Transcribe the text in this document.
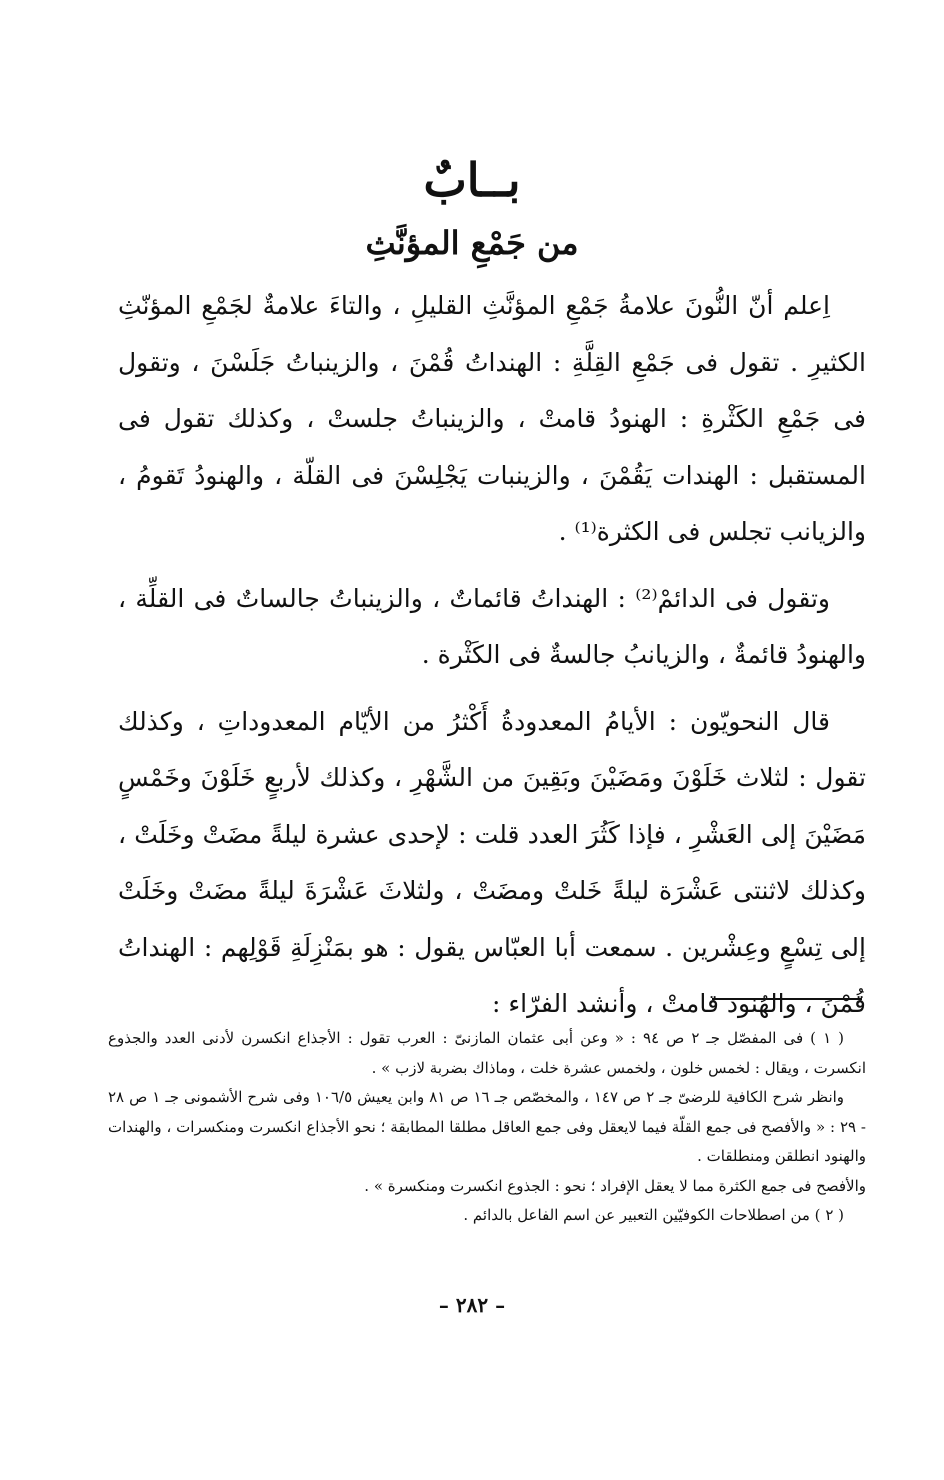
بــابٌ
من جَمْعِ المؤنَّثِ

اِعلم أنّ النُّونَ علامةُ جَمْعِ المؤنَّثِ القليلِ ، والتاءَ علامةٌ لجَمْعِ المؤنّثِ الكثيرِ . تقول فى جَمْعِ القِلَّةِ : الهنداتُ قُمْنَ ، والزينباتُ جَلَسْنَ ، وتقول فى جَمْعِ الكَثْرةِ : الهنودُ قامتْ ، والزينباتُ جلستْ ، وكذلك تقول فى المستقبل : الهندات يَقُمْنَ ، والزينبات يَجْلِسْنَ فى القلّة ، والهنودُ تَقومُ ، والزيانب تجلس فى الكثرة⁽¹⁾ .

وتقول فى الدائمْ⁽²⁾ : الهنداتُ قائماتٌ ، والزينباتُ جالساتٌ فى القلِّة ، والهنودُ قائمةٌ ، والزيانبُ جالسةٌ فى الكَثْرة .

قال النحويّون : الأيامُ المعدودةُ أَكْثرُ من الأيّام المعدوداتِ ، وكذلك تقول : لثلاث خَلَوْنَ ومَضَيْنَ وبَقِينَ من الشَّهْرِ ، وكذلك لأربعٍ خَلَوْنَ وخَمْسٍ مَضَيْنَ إلى العَشْرِ ، فإذا كَثُرَ العدد قلت : لإحدى عشرة ليلةً مضَتْ وخَلَتْ ، وكذلك لاثنتى عَشْرَة ليلةً خَلتْ ومضَتْ ، ولثلاثَ عَشْرَةَ ليلةً مضَتْ وخَلَتْ إلى تِسْعٍ وعِشْرين . سمعت أبا العبّاس يقول : هو بمَنْزِلَةِ قَوْلِهم : الهنداتُ قُمْنَ ، والهُنود قامتْ ، وأنشد الفرّاء :

( ١ ) فى المفصّل جـ ٢ ص ٩٤ : « وعن أبى عثمان المازنىّ : العرب تقول : الأجذاع انكسرن لأدنى العدد والجذوع انكسرت ، ويقال : لخمس خلون ، ولخمس عشرة خلت ، وماذاك بضربة لازب » .

وانظر شرح الكافية للرضىّ جـ ٢ ص ١٤٧ ، والمخصّص جـ ١٦ ص ٨١ وابن يعيش ١٠٦/٥ وفى شرح الأشمونى جـ ١ ص ٢٨ - ٢٩ : « والأفصح فى جمع القلّة فيما لايعقل وفى جمع العاقل مطلقا المطابقة ؛ نحو الأجذاع انكسرت ومنكسرات ، والهندات والهنود انطلقن ومنطلقات .

والأفصح فى جمع الكثرة مما لا يعقل الإفراد ؛ نحو : الجذوع انكسرت ومنكسرة » .

( ٢ ) من اصطلاحات الكوفيّين التعبير عن اسم الفاعل بالدائم .

– ٢٨٢ –
